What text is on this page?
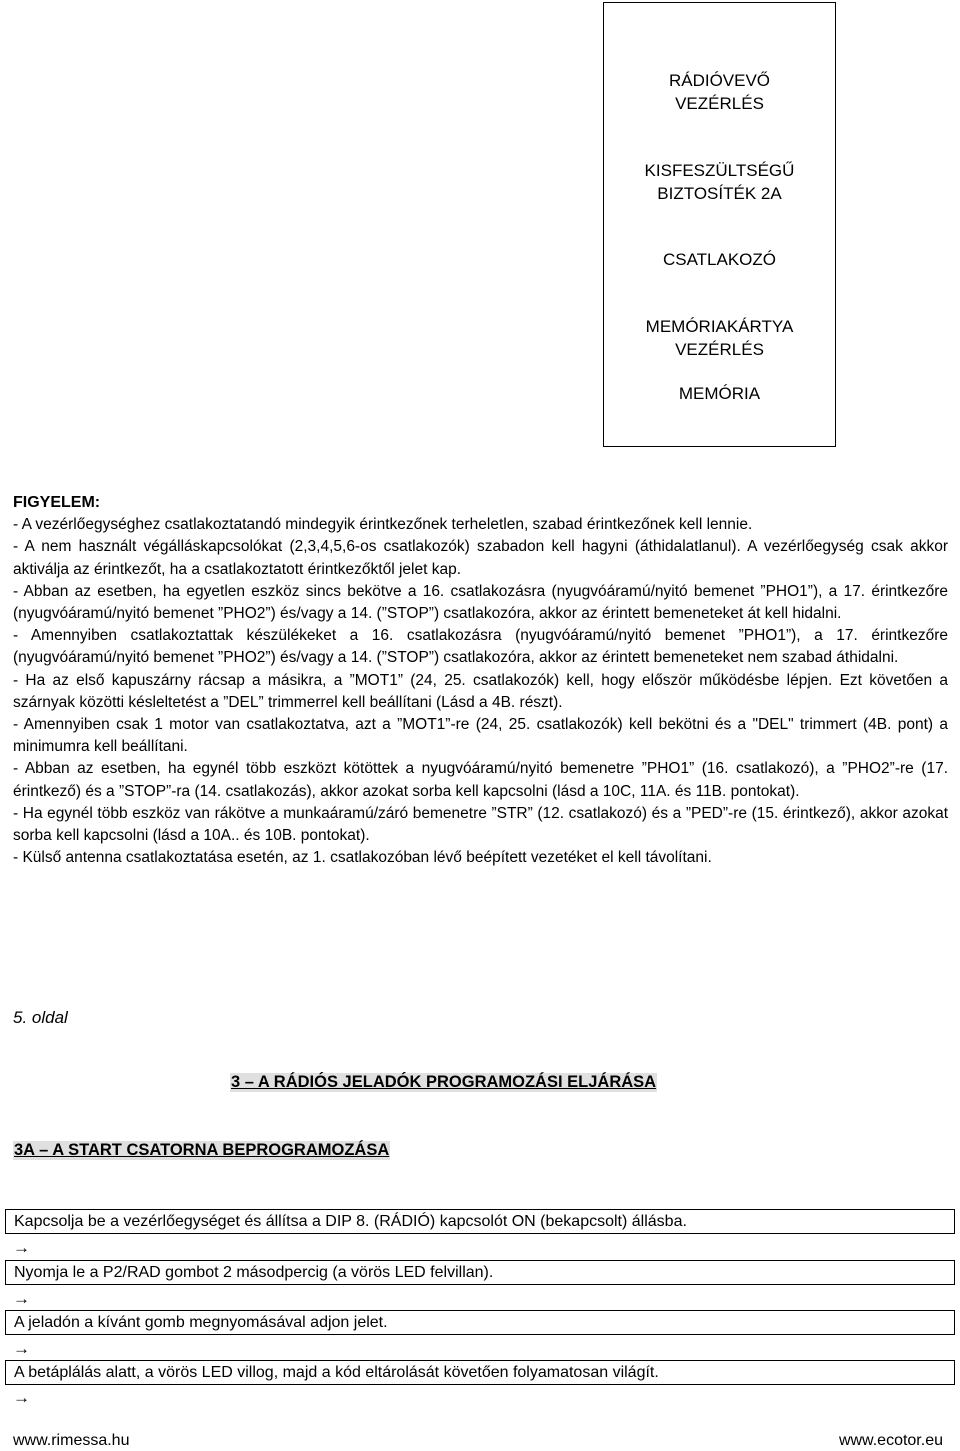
RÁDIÓVEVŐ
VEZÉRLÉS
KISFESZÜLTSÉGŰ
BIZTOSÍTÉK 2A
CSATLAKOZÓ
MEMÓRIAKÁRTYA
VEZÉRLÉS
MEMÓRIA
FIGYELEM:

- A vezérlőegységhez csatlakoztatandó mindegyik érintkezőnek terheletlen, szabad érintkezőnek kell lennie.

- A nem használt végálláskapcsolókat (2,3,4,5,6-os csatlakozók) szabadon kell hagyni (áthidalatlanul). A vezérlőegység csak akkor aktiválja az érintkezőt, ha a csatlakoztatott érintkezőktől jelet kap.

- Abban az esetben, ha egyetlen eszköz sincs bekötve a 16. csatlakozásra (nyugvóáramú/nyitó bemenet ”PHO1”), a 17. érintkezőre (nyugvóáramú/nyitó bemenet ”PHO2”) és/vagy a 14. (”STOP”) csatlakozóra, akkor az érintett bemeneteket át kell hidalni.

- Amennyiben csatlakoztattak készülékeket a 16. csatlakozásra (nyugvóáramú/nyitó bemenet ”PHO1”), a 17. érintkezőre (nyugvóáramú/nyitó bemenet ”PHO2”) és/vagy a 14. (”STOP”) csatlakozóra, akkor az érintett bemeneteket nem szabad áthidalni.

- Ha az első kapuszárny rácsap a másikra, a ”MOT1” (24, 25. csatlakozók) kell, hogy először működésbe lépjen. Ezt követően a szárnyak közötti késleltetést a ”DEL” trimmerrel kell beállítani (Lásd a 4B. részt).

- Amennyiben csak 1 motor van csatlakoztatva, azt a ”MOT1”-re (24, 25. csatlakozók) kell bekötni és a "DEL" trimmert (4B. pont) a minimumra kell beállítani.

- Abban az esetben, ha egynél több eszközt kötöttek a nyugvóáramú/nyitó bemenetre ”PHO1” (16. csatlakozó), a ”PHO2”-re (17. érintkező) és a ”STOP”-ra (14. csatlakozás), akkor azokat sorba kell kapcsolni (lásd a 10C, 11A. és 11B. pontokat).

- Ha egynél több eszköz van rákötve a munkaáramú/záró bemenetre ”STR” (12. csatlakozó) és a ”PED”-re (15. érintkező), akkor azokat sorba kell kapcsolni (lásd a 10A.. és 10B. pontokat).

- Külső antenna csatlakoztatása esetén, az 1. csatlakozóban lévő beépített vezetéket el kell távolítani.

5. oldal
3 – A RÁDIÓS JELADÓK PROGRAMOZÁSI ELJÁRÁSA
3A – A START CSATORNA BEPROGRAMOZÁSA
Kapcsolja be a vezérlőegységet és állítsa a DIP 8. (RÁDIÓ) kapcsolót ON (bekapcsolt) állásba.
→
Nyomja le a P2/RAD gombot 2 másodpercig (a vörös LED felvillan).
→
A jeladón a kívánt gomb megnyomásával adjon jelet.
→
A betáplálás alatt, a vörös LED villog, majd a kód eltárolását követően folyamatosan világít.
→
www.rimessa.hu	www.ecotor.eu
